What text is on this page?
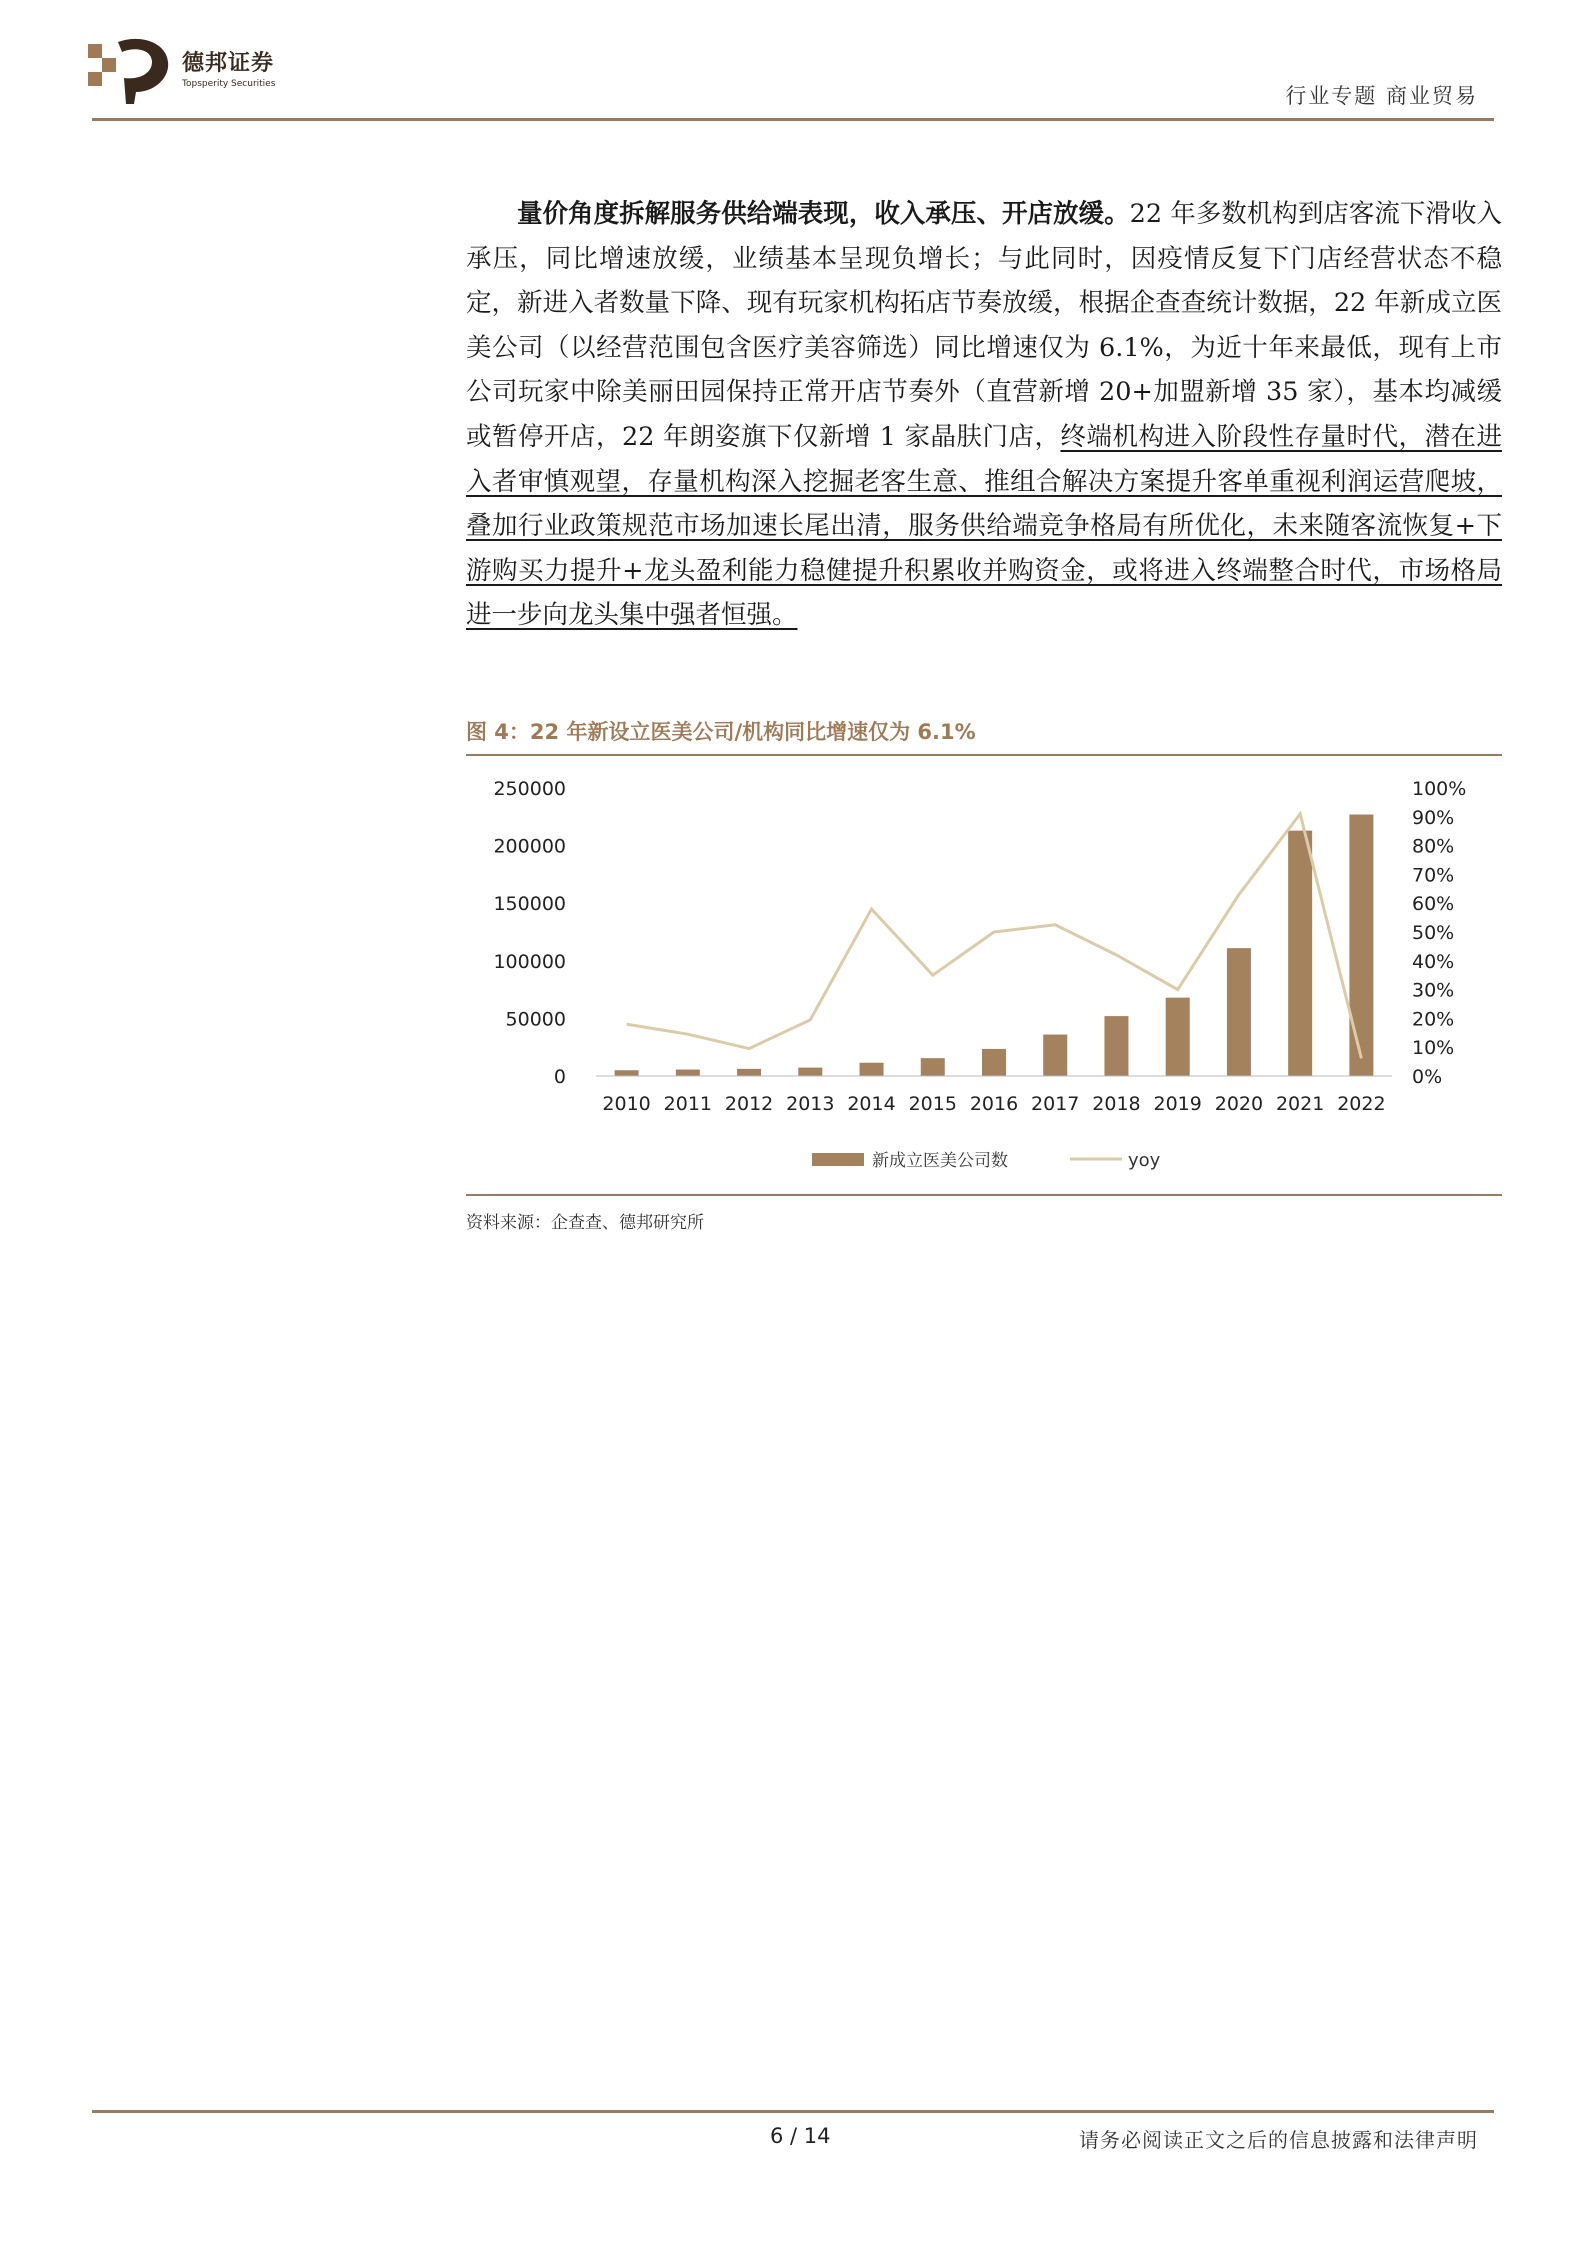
德邦证券
Topsperity Securities	行业专题 商业贸易
量价角度拆解服务供给端表现，收入承压、开店放缓。22 年多数机构到店客流下滑收入承压，同比增速放缓，业绩基本呈现负增长；与此同时，因疫情反复下门店经营状态不稳定，新进入者数量下降、现有玩家机构拓店节奏放缓，根据企查查统计数据，22 年新成立医美公司（以经营范围包含医疗美容筛选）同比增速仅为 6.1%，为近十年来最低，现有上市公司玩家中除美丽田园保持正常开店节奏外（直营新增 20+加盟新增 35 家），基本均减缓或暂停开店，22 年朗姿旗下仅新增 1 家晶肤门店，终端机构进入阶段性存量时代，潜在进入者审慎观望，存量机构深入挖掘老客生意、推组合解决方案提升客单重视利润运营爬坡，叠加行业政策规范市场加速长尾出清，服务供给端竞争格局有所优化，未来随客流恢复+下游购买力提升+龙头盈利能力稳健提升积累收并购资金，或将进入终端整合时代，市场格局进一步向龙头集中强者恒强。
图 4：22 年新设立医美公司/机构同比增速仅为 6.1%
0
50000
100000
150000
200000
250000
0%
10%
20%
30%
40%
50%
60%
70%
80%
90%
100%
2010 2011 2012 2013 2014 2015 2016 2017 2018 2019 2020 2021 2022
新成立医美公司数	yoy
资料来源：企查查、德邦研究所
6 / 14	请务必阅读正文之后的信息披露和法律声明
